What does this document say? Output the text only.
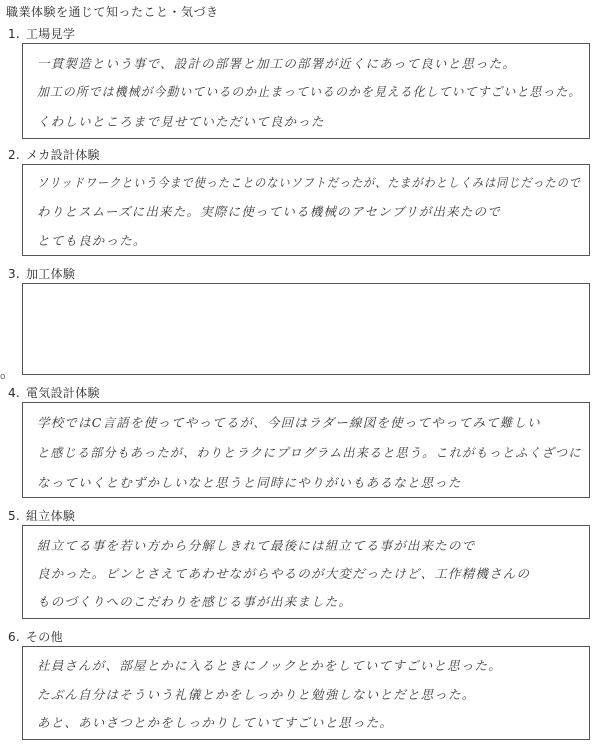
職業体験を通じて知ったこと・気づき
1. 工場見学
一貫製造という事で、設計の部署と加工の部署が近くにあって良いと思った。
加工の所では機械が今動いているのか止まっているのかを見える化していてすごいと思った。
くわしいところまで見せていただいて良かった
2. メカ設計体験
ソリッドワークという今まで使ったことのないソフトだったが、たまがわとしくみは同じだったので
わりとスムーズに出来た。実際に使っている機械のアセンブリが出来たので
とても良かった。
3. 加工体験
o
4. 電気設計体験
学校ではC言語を使ってやってるが、今回はラダー線図を使ってやってみて難しい
と感じる部分もあったが、わりとラクにプログラム出来ると思う。これがもっとふくざつに
なっていくとむずかしいなと思うと同時にやりがいもあるなと思った
5. 組立体験
組立てる事を若い方から分解しきれて最後には組立てる事が出来たので
良かった。ピンとさえてあわせながらやるのが大変だったけど、工作精機さんの
ものづくりへのこだわりを感じる事が出来ました。
6. その他
社員さんが、部屋とかに入るときにノックとかをしていてすごいと思った。
たぶん自分はそういう礼儀とかをしっかりと勉強しないとだと思った。
あと、あいさつとかをしっかりしていてすごいと思った。
